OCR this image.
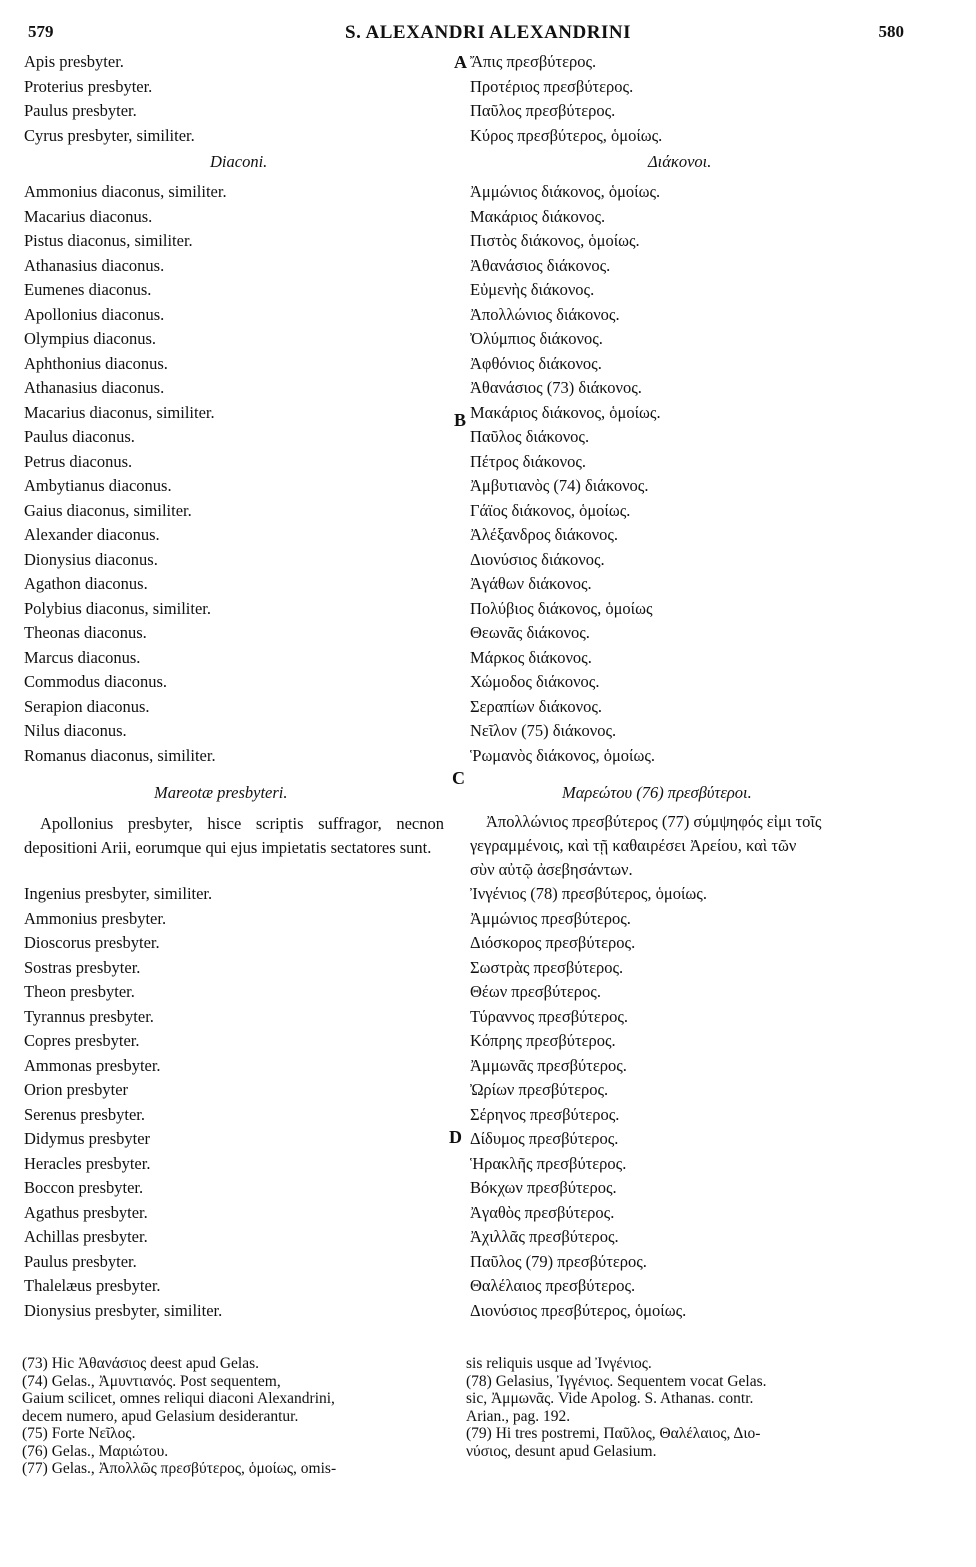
579	S. ALEXANDRI ALEXANDRINI	580
A
B
C
D
Apis presbyter.
Proterius presbyter.
Paulus presbyter.
Cyrus presbyter, similiter.
Diaconi.
Ammonius diaconus, similiter.
Macarius diaconus.
Pistus diaconus, similiter.
Athanasius diaconus.
Eumenes diaconus.
Apollonius diaconus.
Olympius diaconus.
Aphthonius diaconus.
Athanasius diaconus.
Macarius diaconus, similiter.
Paulus diaconus.
Petrus diaconus.
Ambytianus diaconus.
Gaius diaconus, similiter.
Alexander diaconus.
Dionysius diaconus.
Agathon diaconus.
Polybius diaconus, similiter.
Theonas diaconus.
Marcus diaconus.
Commodus diaconus.
Serapion diaconus.
Nilus diaconus.
Romanus diaconus, similiter.
Mareotæ presbyteri.
Apollonius presbyter, hisce scriptis suffragor, necnon depositioni Arii, eorumque qui ejus impietatis sectatores sunt.
Ingenius presbyter, similiter.
Ammonius presbyter.
Dioscorus presbyter.
Sostras presbyter.
Theon presbyter.
Tyrannus presbyter.
Copres presbyter.
Ammonas presbyter.
Orion presbyter
Serenus presbyter.
Didymus presbyter
Heracles presbyter.
Boccon presbyter.
Agathus presbyter.
Achillas presbyter.
Paulus presbyter.
Thalelæus presbyter.
Dionysius presbyter, similiter.
Ἄπις πρεσβύτερος.
Προτέριος πρεσβύτερος.
Παῦλος πρεσβύτερος.
Κύρος πρεσβύτερος, ὁμοίως.
Διάκονοι.
Ἀμμώνιος διάκονος, ὁμοίως.
Μακάριος διάκονος.
Πιστὸς διάκονος, ὁμοίως.
Ἀθανάσιος διάκονος.
Εὐμενὴς διάκονος.
Ἀπολλώνιος διάκονος.
Ὀλύμπιος διάκονος.
Ἀφθόνιος διάκονος.
Ἀθανάσιος (73) διάκονος.
Μακάριος διάκονος, ὁμοίως.
Παῦλος διάκονος.
Πέτρος διάκονος.
Ἀμβυτιανὸς (74) διάκονος.
Γάϊος διάκονος, ὁμοίως.
Ἀλέξανδρος διάκονος.
Διονύσιος διάκονος.
Ἀγάθων διάκονος.
Πολύβιος διάκονος, ὁμοίως
Θεωνᾶς διάκονος.
Μάρκος διάκονος.
Χώμοδος διάκονος.
Σεραπίων διάκονος.
Νεῖλον (75) διάκονος.
Ῥωμανὸς διάκονος, ὁμοίως.
Μαρεώτου (76) πρεσβύτεροι.
Ἀπολλώνιος πρεσβύτερος (77) σύμψηφός εἰμι τοῖς
γεγραμμένοις, καὶ τῇ καθαιρέσει Ἀρείου, καὶ τῶν
σὺν αὐτῷ ἀσεβησάντων.
Ἰνγένιος (78) πρεσβύτερος, ὁμοίως.
Ἀμμώνιος πρεσβύτερος.
Διόσκορος πρεσβύτερος.
Σωστρὰς πρεσβύτερος.
Θέων πρεσβύτερος.
Τύραννος πρεσβύτερος.
Κόπρης πρεσβύτερος.
Ἀμμωνᾶς πρεσβύτερος.
Ὠρίων πρεσβύτερος.
Σέρηνος πρεσβύτερος.
Δίδυμος πρεσβύτερος.
Ἡρακλῆς πρεσβύτερος.
Βόκχων πρεσβύτερος.
Ἀγαθὸς πρεσβύτερος.
Ἀχιλλᾶς πρεσβύτερος.
Παῦλος (79) πρεσβύτερος.
Θαλέλαιος πρεσβύτερος.
Διονύσιος πρεσβύτερος, ὁμοίως.
(73) Hic Ἀθανάσιος deest apud Gelas.
(74) Gelas., Ἀμυντιανός. Post sequentem,
Gaium scilicet, omnes reliqui diaconi Alexandrini,
decem numero, apud Gelasium desiderantur.
(75) Forte Νεῖλος.
(76) Gelas., Μαριώτου.
(77) Gelas., Ἀπολλῶς πρεσβύτερος, ὁμοίως, omis-
sis reliquis usque ad Ἰνγένιος.
(78) Gelasius, Ἰγγένιος. Sequentem vocat Gelas.
sic, Ἀμμωνᾶς. Vide Apolog. S. Athanas. contr.
Arian., pag. 192.
(79) Hi tres postremi, Παῦλος, Θαλέλαιος, Διο-
νύσιος, desunt apud Gelasium.
